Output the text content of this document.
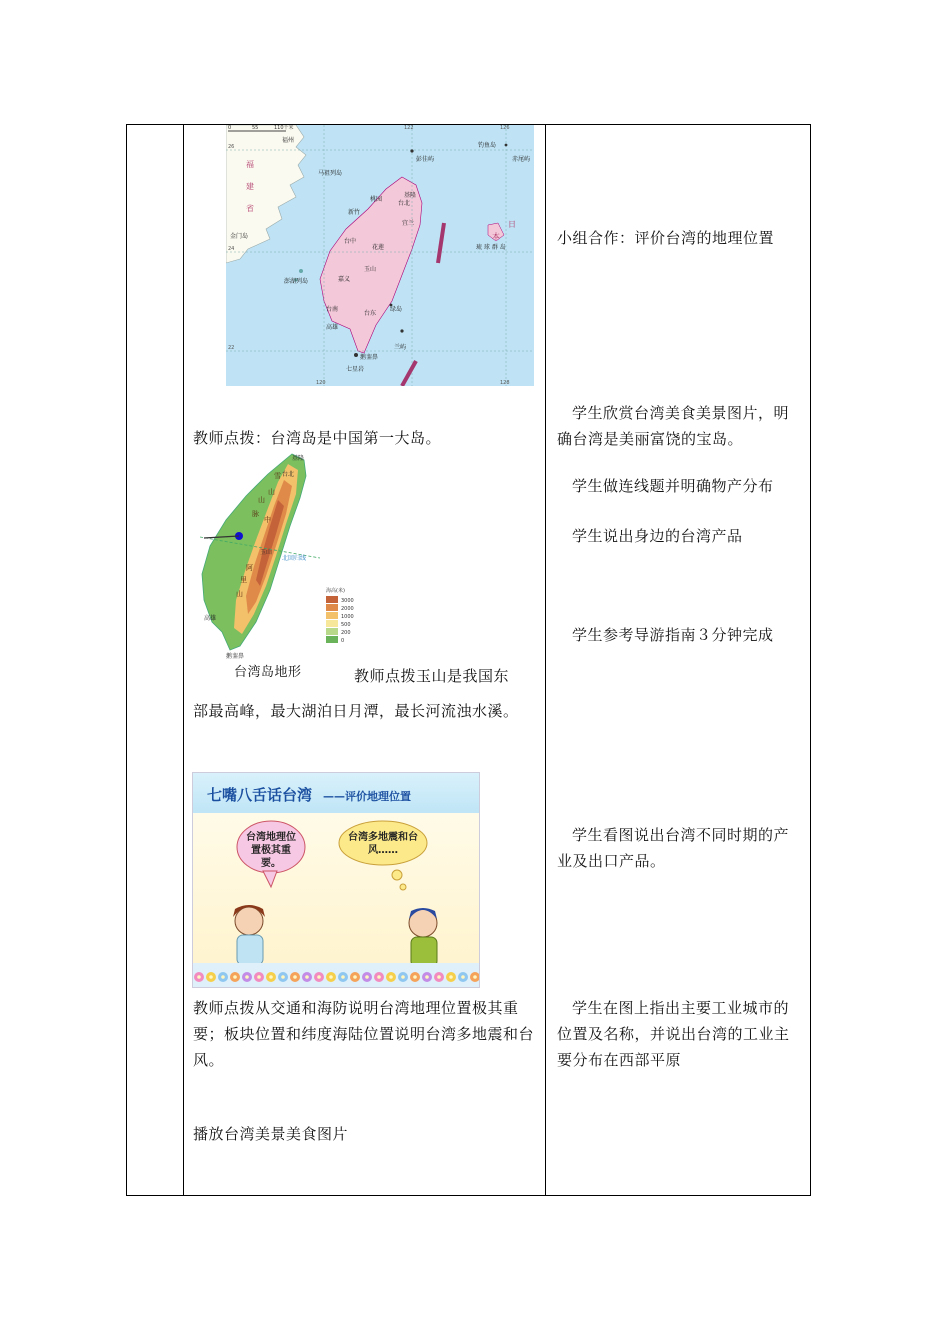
0	55	110千米	122	126
26
24
22
120	128
福州
福
建
省
金门岛
澎湖列岛
马祖列岛
新竹
桃园
台中
嘉义
台南
高雄
台北
基隆
宜兰
花莲
台东
玉山
绿岛
兰屿
鹅銮鼻
七星岩
彭佳屿
钓鱼岛
赤尾屿
日
本
琉 球 群 岛
教师点拨：台湾岛是中国第一大岛。
基隆
台北
玉山
高雄
鹅銮鼻
北回归线
雪
山
山
脉
中
阿
里
山	海高(米)
3000
2000
1000
500
200
0
台湾岛地形	教师点拨玉山是我国东
部最高峰，最大湖泊日月潭，最长河流浊水溪。
七嘴八舌话台湾 ——评价地理位置
台湾地理位置极其重要。
台湾多地震和台风……
教师点拨从交通和海防说明台湾地理位置极其重要；板块位置和纬度海陆位置说明台湾多地震和台风。
播放台湾美景美食图片
小组合作：评价台湾的地理位置
学生欣赏台湾美食美景图片，明确台湾是美丽富饶的宝岛。
学生做连线题并明确物产分布
学生说出身边的台湾产品
学生参考导游指南３分钟完成
学生看图说出台湾不同时期的产业及出口产品。
学生在图上指出主要工业城市的位置及名称，并说出台湾的工业主要分布在西部平原
